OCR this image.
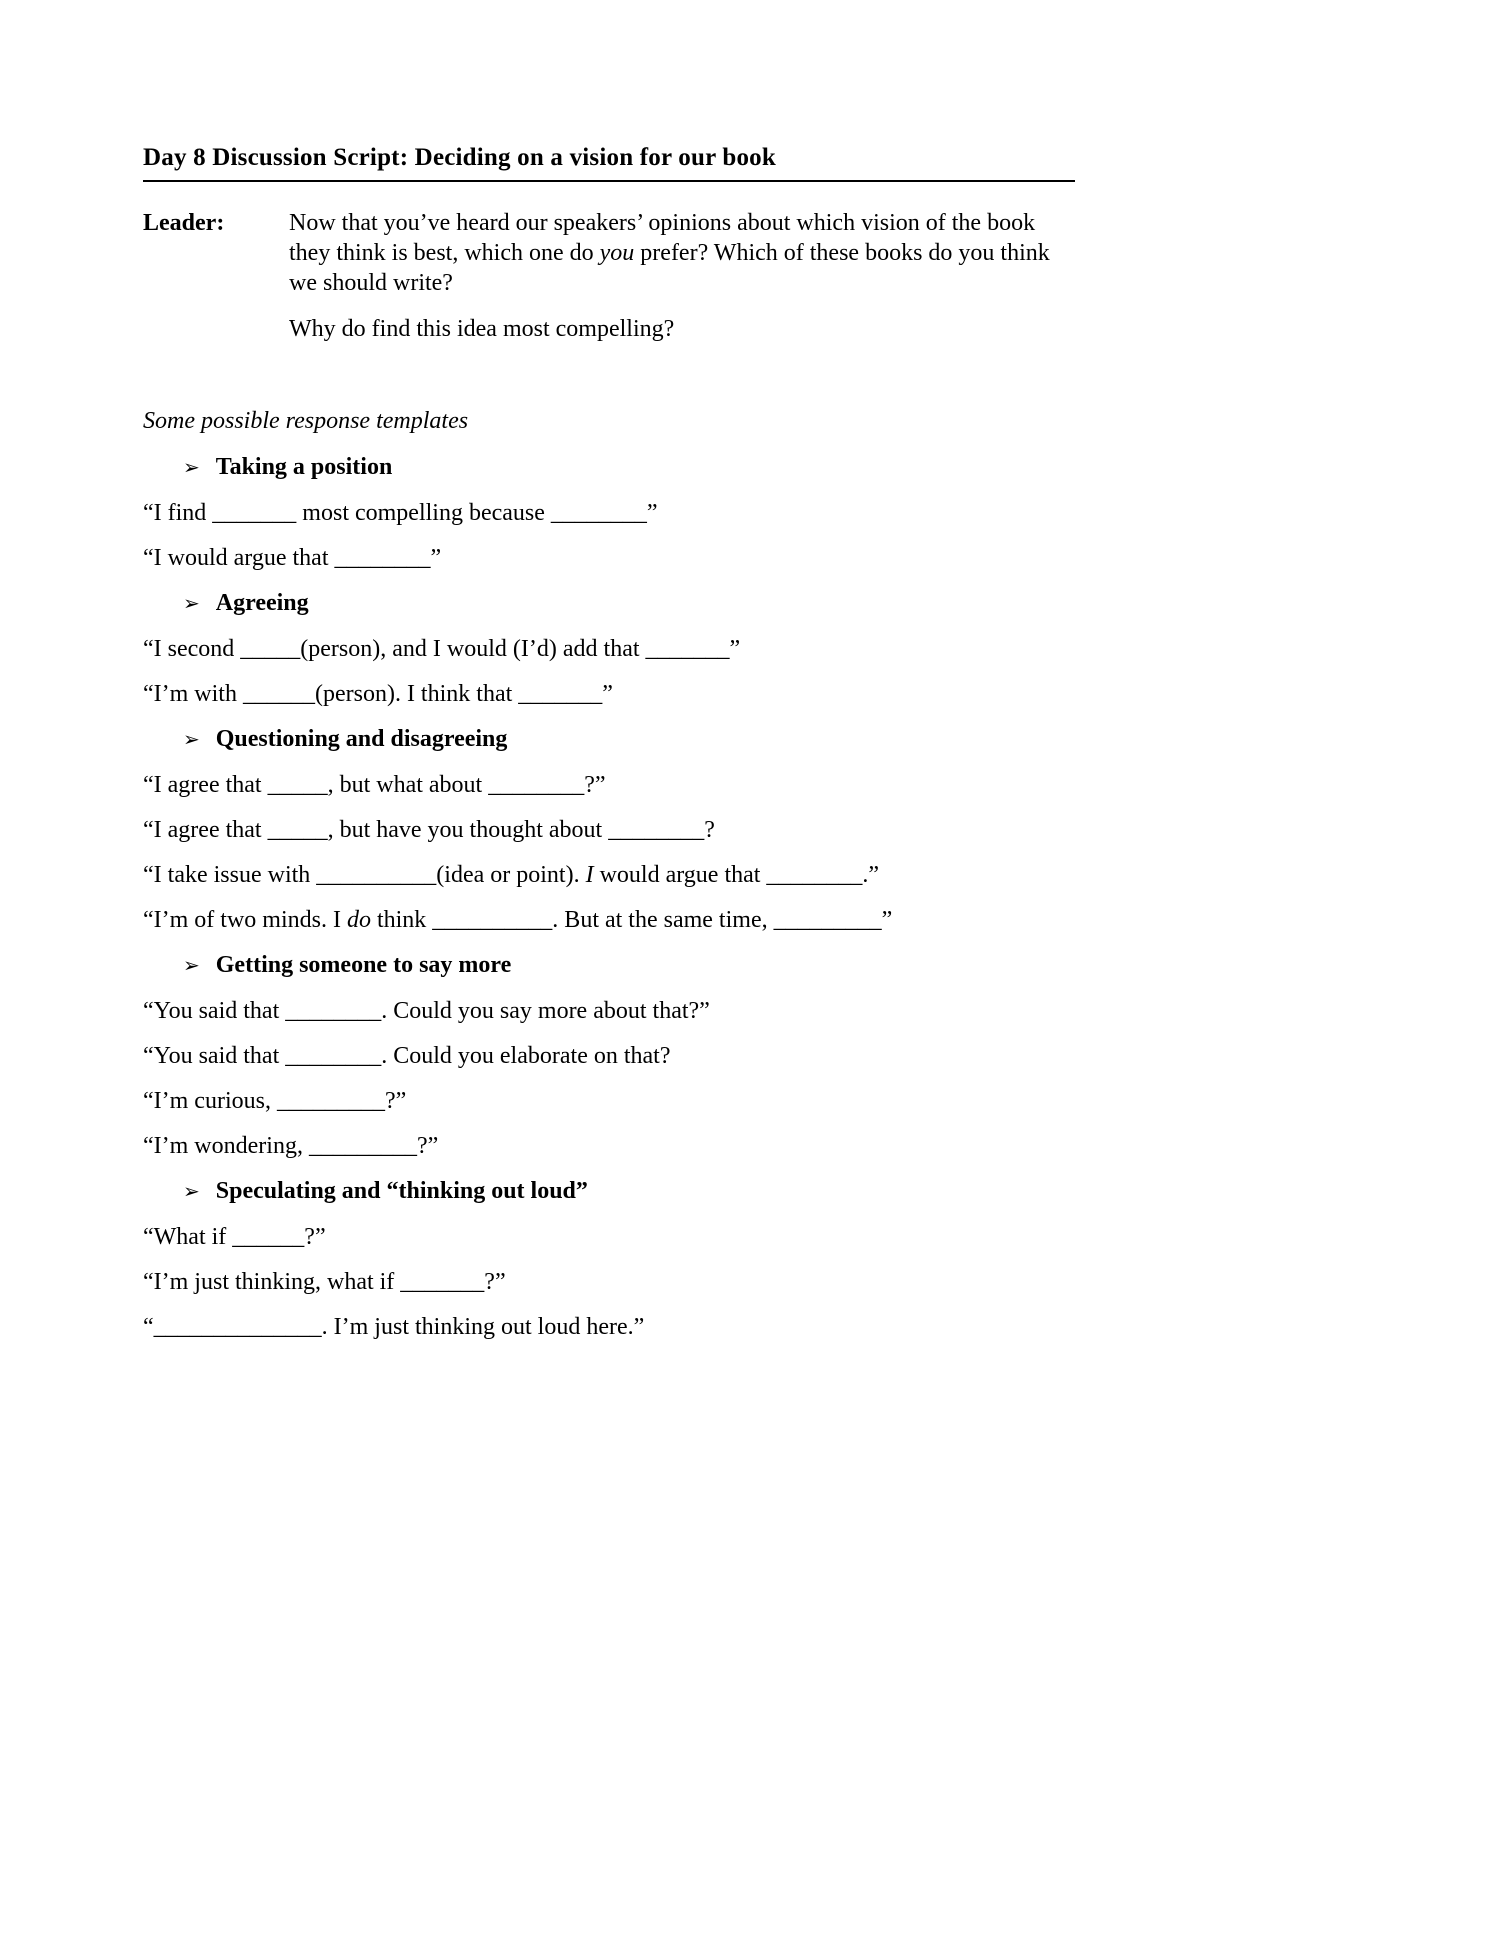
Day 8 Discussion Script: Deciding on a vision for our book
Leader:	Now that you’ve heard our speakers’ opinions about which vision of the book they think is best, which one do you prefer? Which of these books do you think we should write?

Why do find this idea most compelling?

Some possible response templates

➢ Taking a position

“I find _______ most compelling because ________”

“I would argue that ________”

➢ Agreeing

“I second _____(person), and I would (I’d) add that _______”

“I’m with ______(person). I think that _______”

➢ Questioning and disagreeing

“I agree that _____, but what about ________?”

“I agree that _____, but have you thought about ________?

“I take issue with __________(idea or point). I would argue that ________.”

“I’m of two minds. I do think __________. But at the same time, _________”

➢ Getting someone to say more

“You said that ________. Could you say more about that?”

“You said that ________. Could you elaborate on that?

“I’m curious, _________?”

“I’m wondering, _________?”

➢ Speculating and “thinking out loud”

“What if ______?”

“I’m just thinking, what if _______?”

“______________. I’m just thinking out loud here.”
